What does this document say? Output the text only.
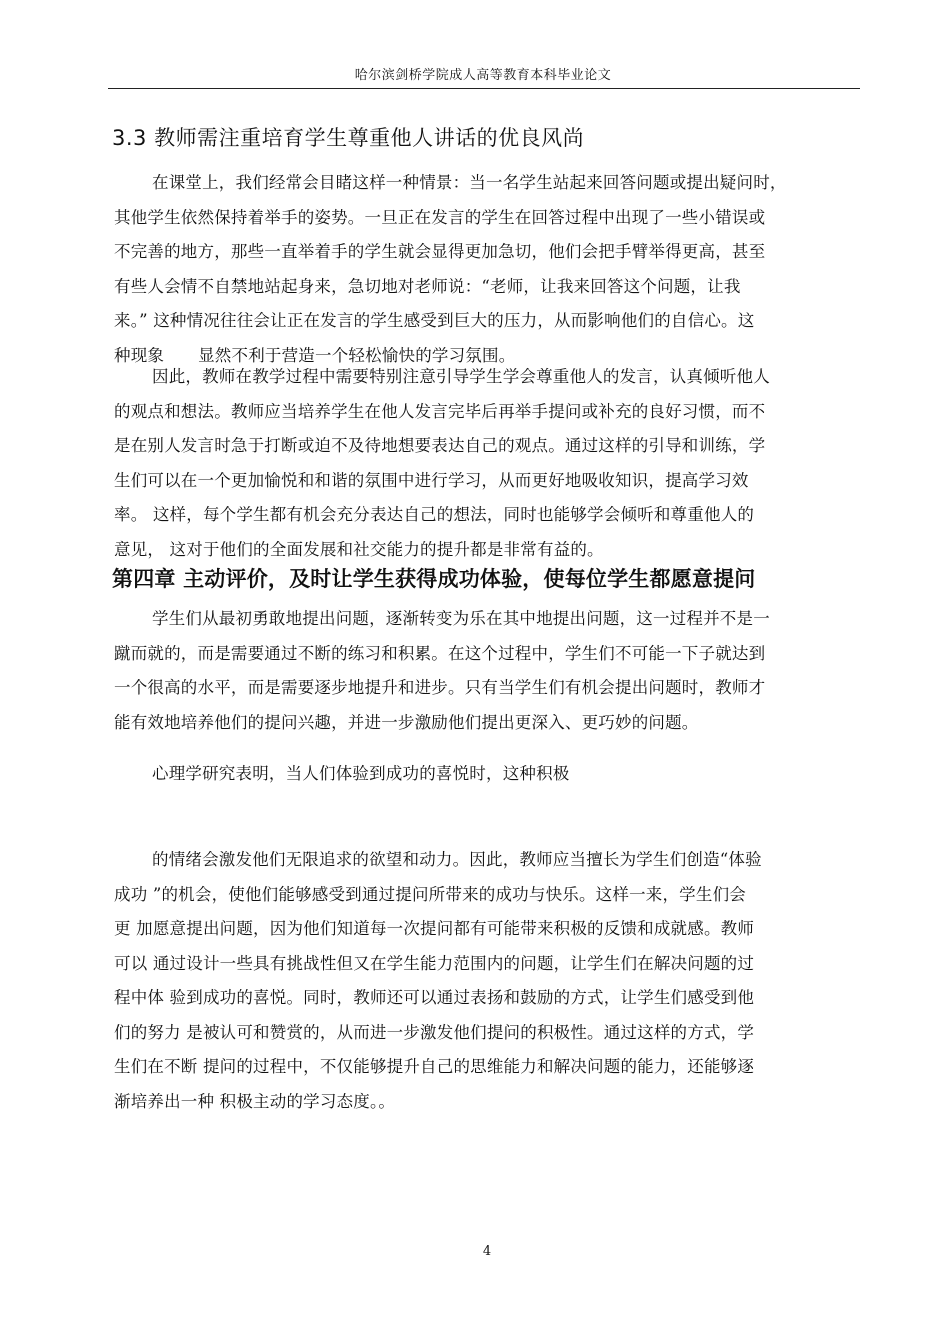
哈尔滨剑桥学院成人高等教育本科毕业论文
3.3 教师需注重培育学生尊重他人讲话的优良风尚
在课堂上，我们经常会目睹这样一种情景：当一名学生站起来回答问题或提出疑问时，
其他学生依然保持着举手的姿势。一旦正在发言的学生在回答过程中出现了一些小错误或
不完善的地方，那些一直举着手的学生就会显得更加急切，他们会把手臂举得更高，甚至
有些人会情不自禁地站起身来，急切地对老师说：“老师，让我来回答这个问题，让我
来。” 这种情况往往会让正在发言的学生感受到巨大的压力，从而影响他们的自信心。这
种现象 显然不利于营造一个轻松愉快的学习氛围。
因此，教师在教学过程中需要特别注意引导学生学会尊重他人的发言，认真倾听他人
的观点和想法。教师应当培养学生在他人发言完毕后再举手提问或补充的良好习惯，而不
是在别人发言时急于打断或迫不及待地想要表达自己的观点。通过这样的引导和训练，学
生们可以在一个更加愉悦和和谐的氛围中进行学习，从而更好地吸收知识，提高学习效
率。 这样，每个学生都有机会充分表达自己的想法，同时也能够学会倾听和尊重他人的
意见， 这对于他们的全面发展和社交能力的提升都是非常有益的。
第四章 主动评价，及时让学生获得成功体验，使每位学生都愿意提问
学生们从最初勇敢地提出问题，逐渐转变为乐在其中地提出问题，这一过程并不是一
蹴而就的，而是需要通过不断的练习和积累。在这个过程中，学生们不可能一下子就达到
一个很高的水平，而是需要逐步地提升和进步。只有当学生们有机会提出问题时，教师才
能有效地培养他们的提问兴趣，并进一步激励他们提出更深入、更巧妙的问题。
心理学研究表明，当人们体验到成功的喜悦时，这种积极
的情绪会激发他们无限追求的欲望和动力。因此，教师应当擅长为学生们创造“体验
成功 ”的机会，使他们能够感受到通过提问所带来的成功与快乐。这样一来，学生们会
更 加愿意提出问题，因为他们知道每一次提问都有可能带来积极的反馈和成就感。教师
可以 通过设计一些具有挑战性但又在学生能力范围内的问题，让学生们在解决问题的过
程中体 验到成功的喜悦。同时，教师还可以通过表扬和鼓励的方式，让学生们感受到他
们的努力 是被认可和赞赏的，从而进一步激发他们提问的积极性。通过这样的方式，学
生们在不断 提问的过程中，不仅能够提升自己的思维能力和解决问题的能力，还能够逐
渐培养出一种 积极主动的学习态度。。
4
